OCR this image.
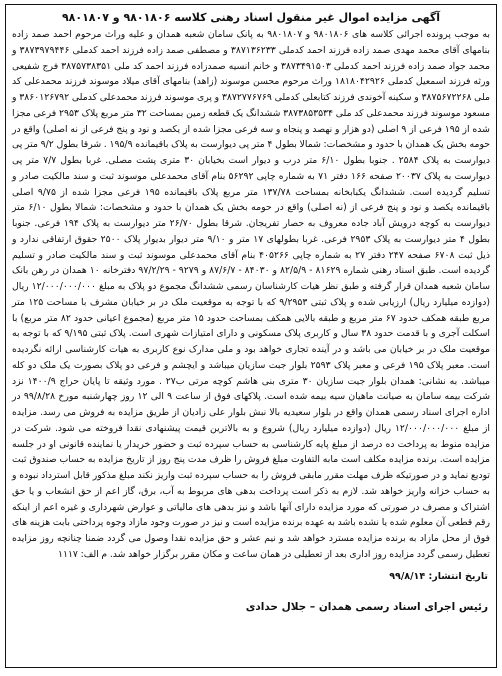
آگهی مزایده اموال غیر منقول اسناد رهنی کلاسه ۹۸۰۱۸۰۶ و ۹۸۰۱۸۰۷
به موجب پرونده اجرائی کلاسه های ۹۸۰۱۸۰۶ و ۹۸۰۱۸۰۷ به پانک سامان شعبه همدان و علیه وراث مرحوم احمد صمد زاده بنامهای آقای محمد مهدی صمد زاده فرزند احمد کدملی ۳۸۷۱۳۶۲۳۳ و مصطفی صمد زاده فرزند احمد کدملی ۳۸۷۳۹۷۹۴۴۶ و محمد جواد صمد زاده فرزند احمد کدملی ۳۸۷۳۴۹۱۵۰۳ و خانم انسیه صمدزاده فرزند احمد کد ملی ۳۸۷۵۷۳۸۳۵۱ فرج شفیعی ورثه فرزند اسمعیل کدملی ۱۸۱۸۰۴۲۹۲۶ وراث مرحوم محسن موسوند (زاهد) بنامهای آقای میلاد موسوند فرزند محمدعلی کد ملی ۳۸۷۵۶۷۲۲۶۸ و سکینه آخوندی فرزند کتابعلی کدملی ۳۸۷۲۷۷۶۷۶۹ و پری موسوند فرزند محمدعلی کدملی ۳۸۶۰۱۲۶۷۹۲ و مسعود موسوند فرزند محمدعلی کد ملی ۳۸۷۳۸۵۳۵۳۴ ششدانگ یک قطعه زمین بمساحت ۳۲ متر مربع پلاک ۲۹۵۳ فرعی مجزا شده از ۱۹۵ فرعی از ۹ اصلی (دو هزار و نهصد و پنجاه و سه فرعی مجزا شده از یکصد و نود و پنج فرعی از نه اصلی) واقع در حومه بخش یک همدان با حدود و مشخصات: شمالا بطول ۴ متر پی دیوارست به پلاک باقیمانده ۱۹۵/۹ . شرقا بطول ۹/۲ متر پی دیوارست به پلاک ۲۵۸۴ . جنوبا بطول ۶/۱۰ متر درب و دیوار است بخیابان ۳۰ متری پشت مصلی. غربا بطول ۷/۷ متر پی دیوارست به پلاک ۲۰۰۳۷ صفحه ۱۶۶ دفتر ۷۱ به شماره چاپی ۵۶۲۹۲ بنام آقای محمدعلی موسوند ثبت و سند مالکیت صادر و تسلیم گردیده است. ششدانگ یکبابخانه بمساحت ۱۳۷/۷۸ متر مربع پلاک باقیمانده ۱۹۵ فرعی مجزا شده از ۹/۷۵ اصلی باقیمانده یکصد و نود و پنج فرعی از (نه اصلی) واقع در حومه بخش یک همدان با حدود و مشخصات: شمالا بطول ۶/۱۰ متر دیوارست به کوچه درویش آباد جاده معروف به حصار تفریجان. شرقا بطول ۲۶/۷۰ متر دیوارست به پلاک ۱۹۴ فرعی. جنوبا بطول ۴ متر دیوارست به پلاک ۲۹۵۳ فرعی. غربا بطولهای ۱۷ متر و ۹/۱۰ متر دیوار بدیوار پلاک ۲۵۰۰ حقوق ارتفاقی ندارد و ذیل ثبت ۶۷۰۸ صفحه ۲۴۷ دفتر ۲۷ به شماره چاپی ۴۰۵۲۶۶ بنام آقای محمدعلی موسوند ثبت و سند مالکیت صادر و تسلیم گردیده است. طبق اسناد رهنی شماره ۸۱۶۲۹ - ۸۲/۵/۹ و ۸۴۰۳۰ - ۸۷/۶/۷ و ۹۲۷۹ - ۹۷/۲/۲۹ دفترخانه ۱۰ همدان در رهن بانک سامان شعبه همدان قرار گرفته و طبق نظر هیات کارشناسان رسمی ششدانگ مجموع دو پلاک به مبلغ ۱۲/۰۰۰/۰۰۰/۰۰۰ ریال (دوازده میلیارد ریال) ارزیابی شده و پلاک ثبتی ۹/۲۹۵۳ که با توجه به موقعیت ملک در بر خیابان مشرف با مساحت ۱۲۵ متر مربع طبقه همکف حدود ۶۷ متر مربع و طبقه بالایی همکف بمساحت حدود ۱۵ متر مربع (مجموع اعیانی حدود ۸۲ متر مربع) با اسکلت آجری و با قدمت حدود ۳۸ سال و کاربری پلاک مسکونی و دارای امتیازات شهری است. پلاک ثبتی ۹/۱۹۵ که با توجه به موقعیت ملک در بر خیابان می باشد و در آینده تجاری خواهد بود و ملی مدارک نوع کاربری به هیات کارشناسی ارائه نگردیده است. معبر پلاک ۱۹۵ فرعی و معبر پلاک ۲۵۹۳ بلوار جبت سازیان میباشد و ایچشم و فرعی دو پلاک بصورت یک ملک دو کله میباشد. به نشانی: همدان بلوار جیت سازیان ۳۰ متری بنی هاشم کوچه مرتی ب۲۷ . مورد وثیقه تا پایان حراج ۱۴۰۰/۹ نزد شرکت بیمه سامان به صیانت ماهیان سیه بیمه شده است. پلاکهای فوق از ساعت ۹ الی ۱۲ روز چهارشنبه مورخ ۹۹/۸/۲۸ در اداره اجرای اسناد رسمی همدان واقع در بلوار سعیدیه بالا نبش بلوار علی زادیان از طریق مزایده به فروش می رسد. مزایده از مبلغ ۱۲/۰۰۰/۰۰۰/۰۰۰ ریال (دوازده میلیارد ریال) شروع و به بالاترین قیمت پیشنهادی نقدا فروخته می شود. شرکت در مزایده منوط به پرداخت ده درصد از مبلغ پایه کارشناسی به حساب سپرده ثبت و حضور خریدار یا نماینده قانونی او در جلسه مزایده است. برنده مزایده مکلف است مابه التفاوت مبلغ فروش را ظرف مدت پنج روز از تاریخ مزایده به حساب صندوق ثبت تودیع نماید و در صورتیکه ظرف مهلت مقرر مابقی فروش را به حساب سپرده ثبت واریز نکند مبلغ مذکور قابل استرداد نبوده و به حساب خزانه واریز خواهد شد. لازم به ذکر است پرداخت بدهی های مربوط به آب، برق، گاز اعم از حق انشعاب و یا حق اشتراک و مصرف در صورتی که مورد مزایده دارای آنها باشد و نیز بدهی های مالیاتی و عوارض شهرداری و غیره اعم از اینکه رقم قطعی آن معلوم شده یا نشده باشد به عهده برنده مزایده است و نیز در صورت وجود مازاد وجوه پرداختی بابت هزینه های فوق از محل مازاد به برنده مزایده مسترد خواهد شد و نیم عشر و حق مزایده نقدا وصول می گردد ضمنا چنانچه روز مزایده تعطیل رسمی گردد مزایده روز اداری بعد از تعطیلی در همان ساعت و مکان مقرر برگزار خواهد شد. م الف: ۱۱۱۷
تاریخ انتشار: ۹۹/۸/۱۴
رئیس اجرای اسناد رسمی همدان – جلال حدادی
